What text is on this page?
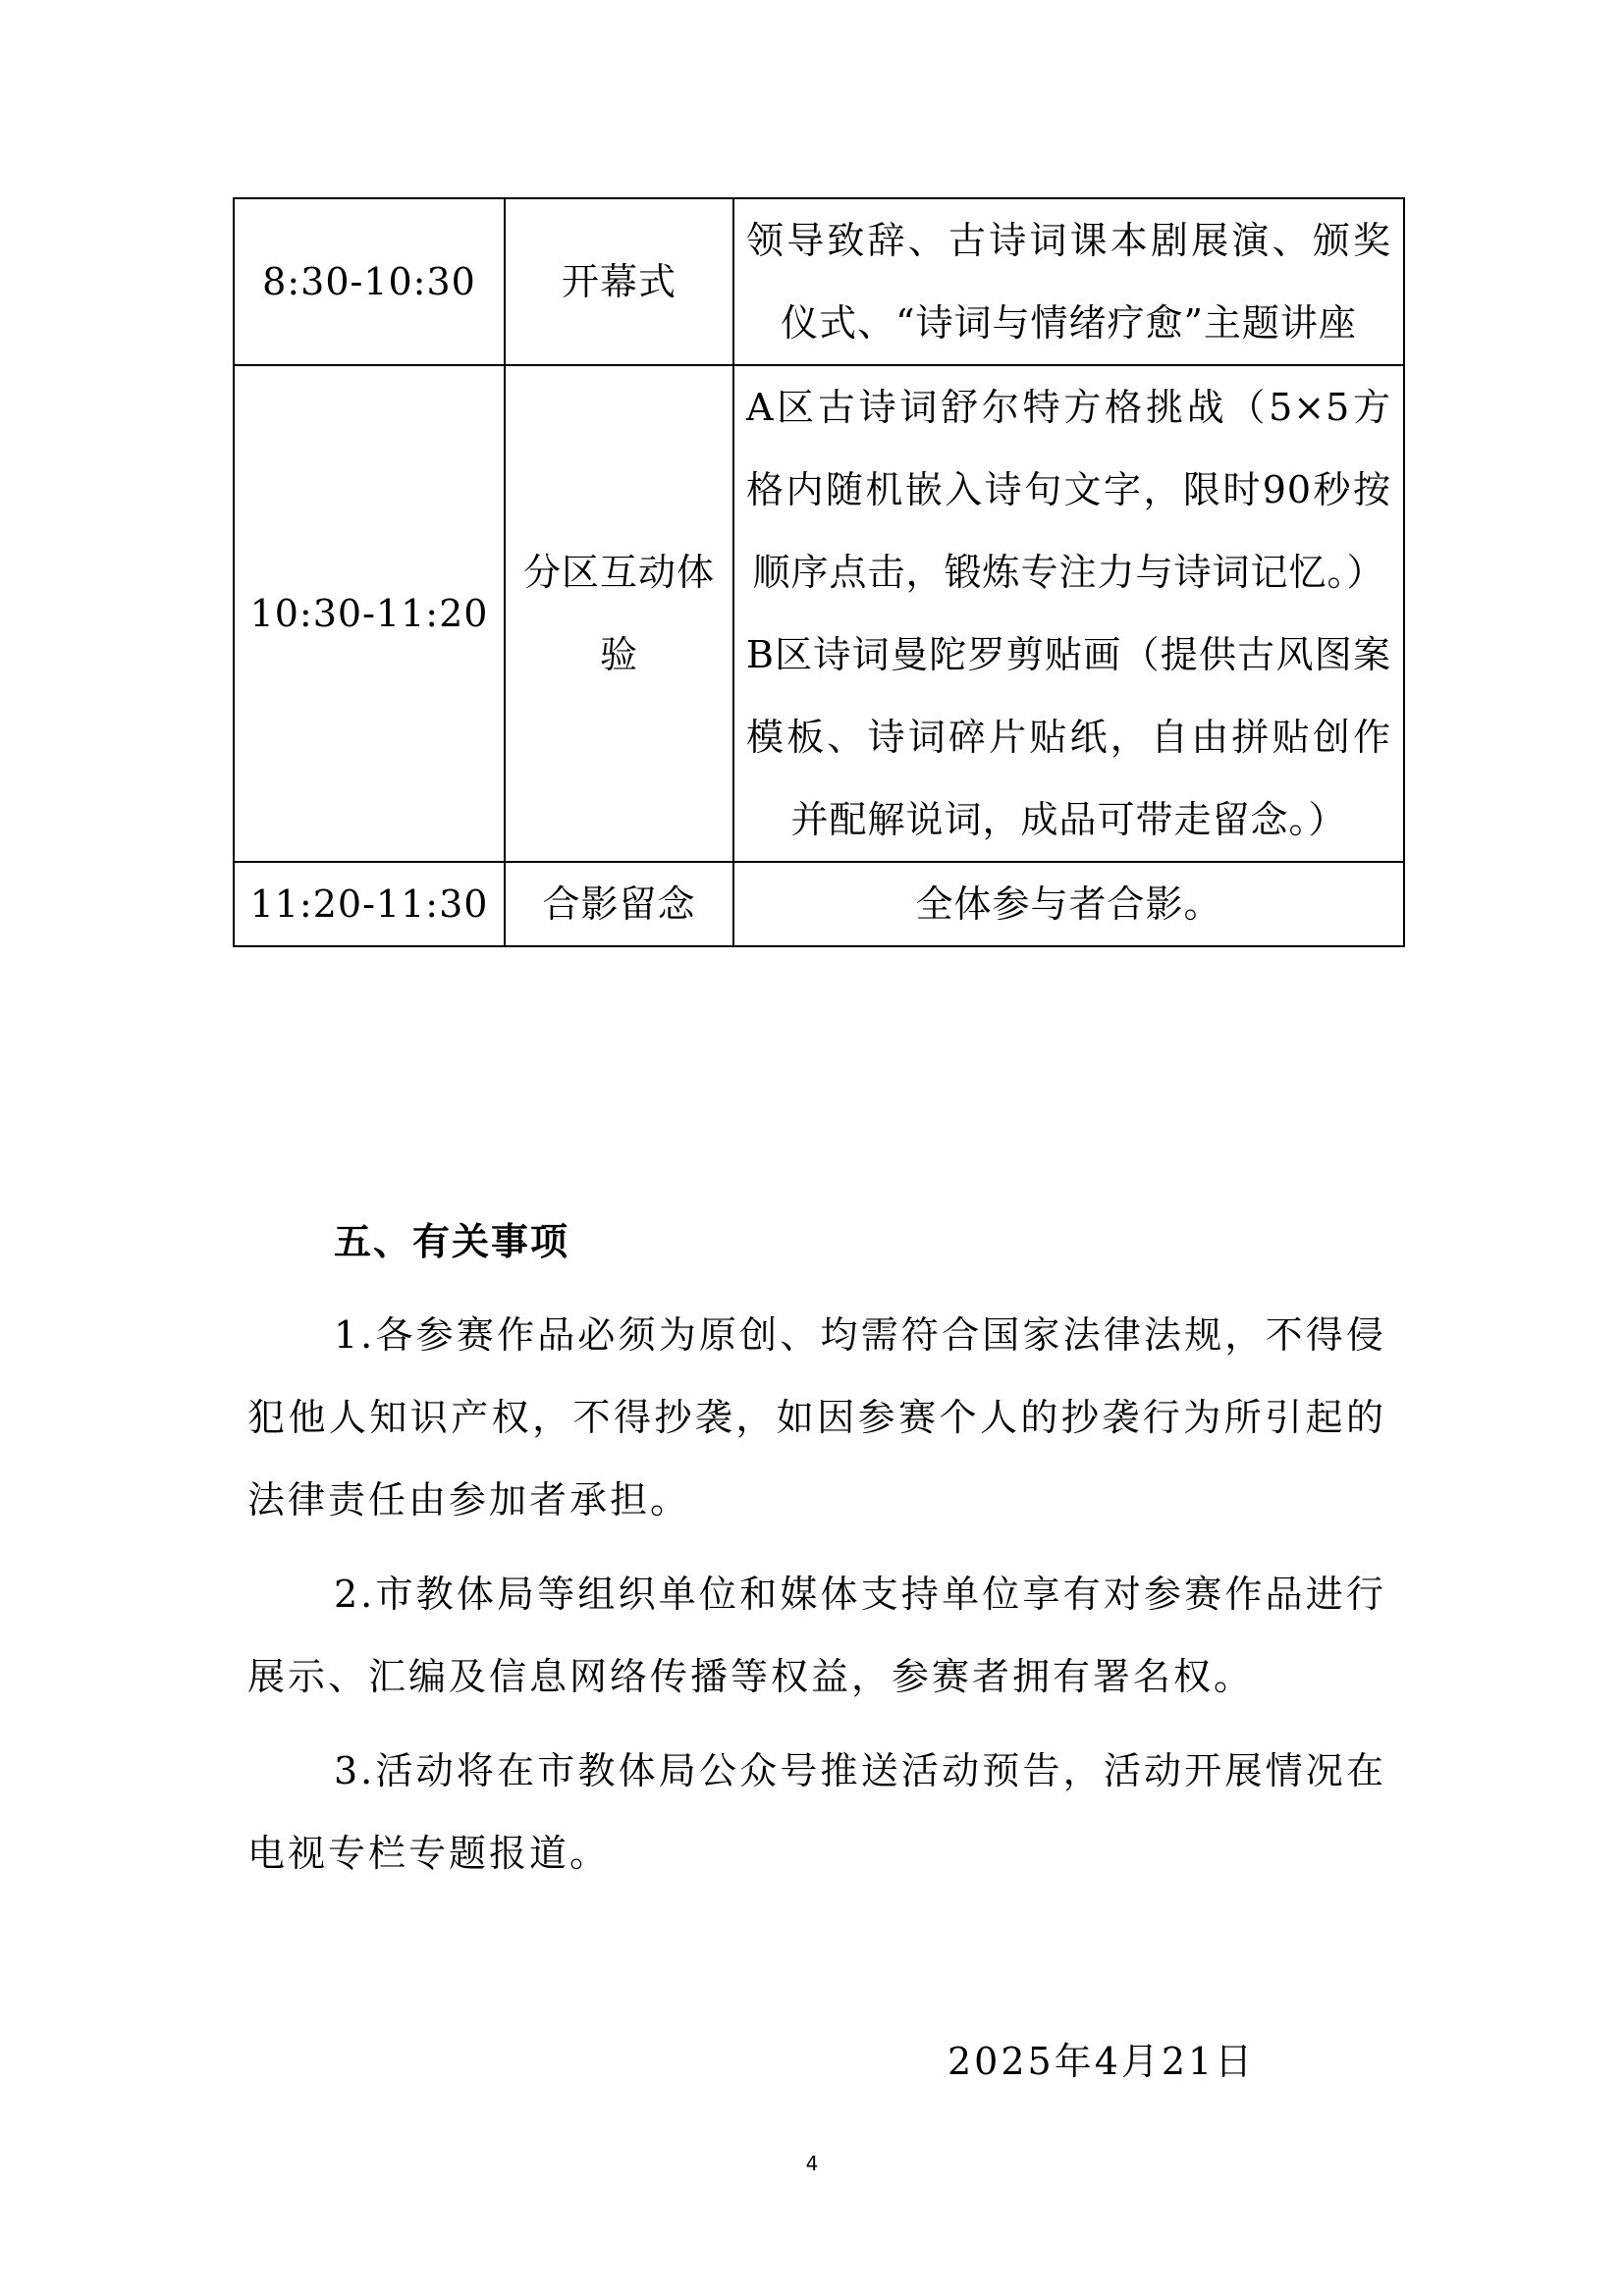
8:30-10:30	开幕式	领导致辞、古诗词课本剧展演、颁奖仪式、“诗词与情绪疗愈”主题讲座

10:30-11:20	分区互动体验	A区古诗词舒尔特方格挑战（5×5方格内随机嵌入诗句文字，限时90秒按顺序点击，锻炼专注力与诗词记忆。）
B区诗词曼陀罗剪贴画（提供古风图案模板、诗词碎片贴纸，自由拼贴创作并配解说词，成品可带走留念。）

11:20-11:30	合影留念	全体参与者合影。
五、有关事项

1.各参赛作品必须为原创、均需符合国家法律法规，不得侵犯他人知识产权，不得抄袭，如因参赛个人的抄袭行为所引起的法律责任由参加者承担。

2.市教体局等组织单位和媒体支持单位享有对参赛作品进行展示、汇编及信息网络传播等权益，参赛者拥有署名权。

3.活动将在市教体局公众号推送活动预告，活动开展情况在电视专栏专题报道。

2025年4月21日

4
